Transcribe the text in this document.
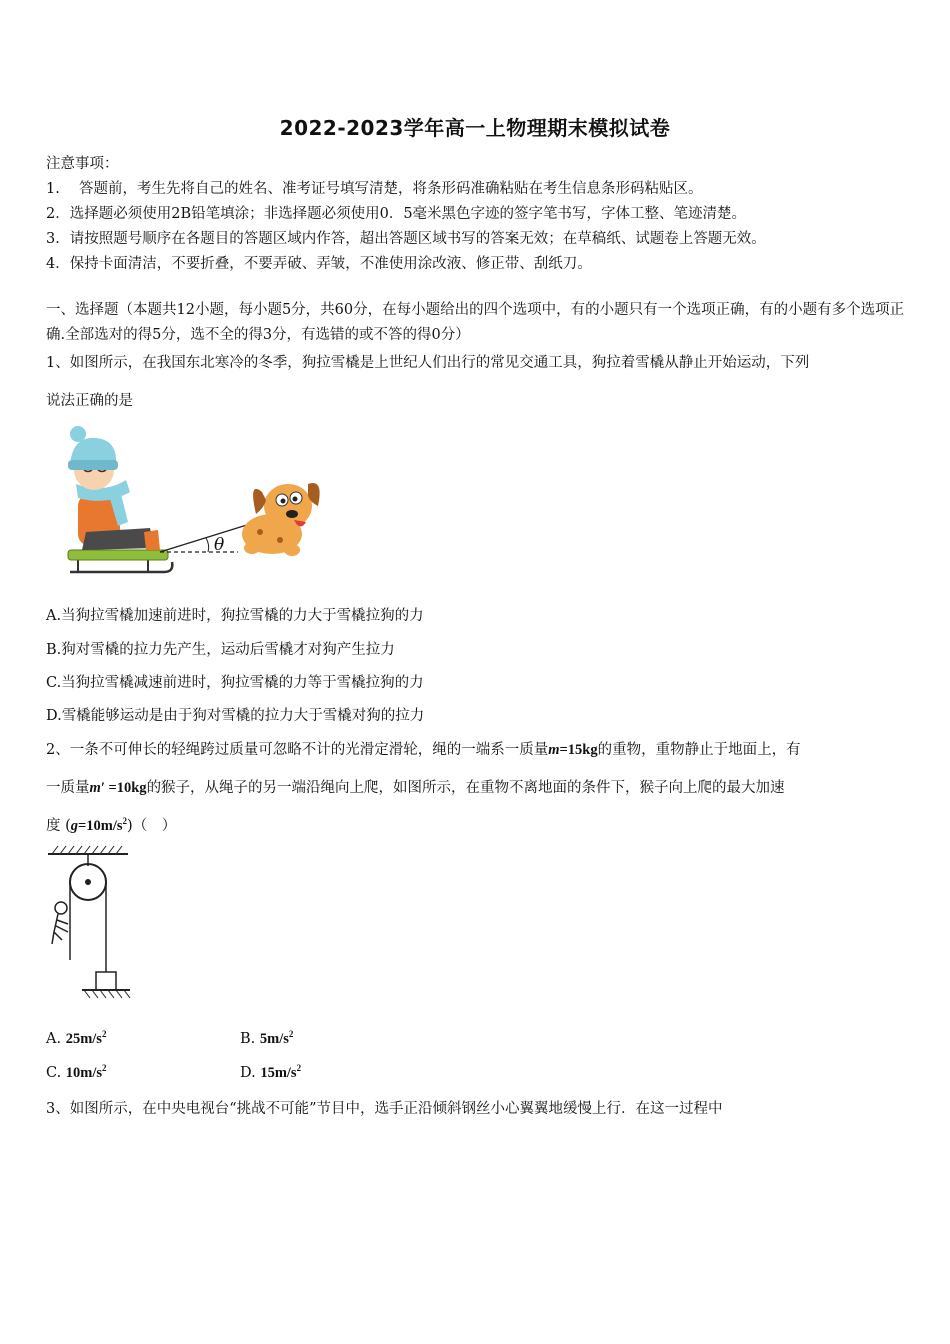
2022-2023学年高一上物理期末模拟试卷
注意事项：
1.　 答题前，考生先将自己的姓名、准考证号填写清楚，将条形码准确粘贴在考生信息条形码粘贴区。
2．选择题必须使用2B铅笔填涂；非选择题必须使用0．5毫米黑色字迹的签字笔书写，字体工整、笔迹清楚。
3．请按照题号顺序在各题目的答题区域内作答，超出答题区域书写的答案无效；在草稿纸、试题卷上答题无效。
4．保持卡面清洁，不要折叠，不要弄破、弄皱，不准使用涂改液、修正带、刮纸刀。
一、选择题（本题共12小题，每小题5分，共60分，在每小题给出的四个选项中，有的小题只有一个选项正确，有的小题有多个选项正确.全部选对的得5分，选不全的得3分，有选错的或不答的得0分）
1、如图所示，在我国东北寒冷的冬季，狗拉雪橇是上世纪人们出行的常见交通工具，狗拉着雪橇从静止开始运动，下列
说法正确的是
θ
A.当狗拉雪橇加速前进时，狗拉雪橇的力大于雪橇拉狗的力
B.狗对雪橇的拉力先产生，运动后雪橇才对狗产生拉力
C.当狗拉雪橇减速前进时，狗拉雪橇的力等于雪橇拉狗的力
D.雪橇能够运动是由于狗对雪橇的拉力大于雪橇对狗的拉力
2、一条不可伸长的轻绳跨过质量可忽略不计的光滑定滑轮，绳的一端系一质量m=15kg的重物，重物静止于地面上，有
一质量m′ =10kg的猴子，从绳子的另一端沿绳向上爬，如图所示，在重物不离地面的条件下，猴子向上爬的最大加速
度 $(g=10m/s^2)$（　）
A. $25m/s^2$	B. $5m/s^2$
C. $10m/s^2$	D. $15m/s^2$
3、如图所示，在中央电视台“挑战不可能”节目中，选手正沿倾斜钢丝小心翼翼地缓慢上行．在这一过程中
